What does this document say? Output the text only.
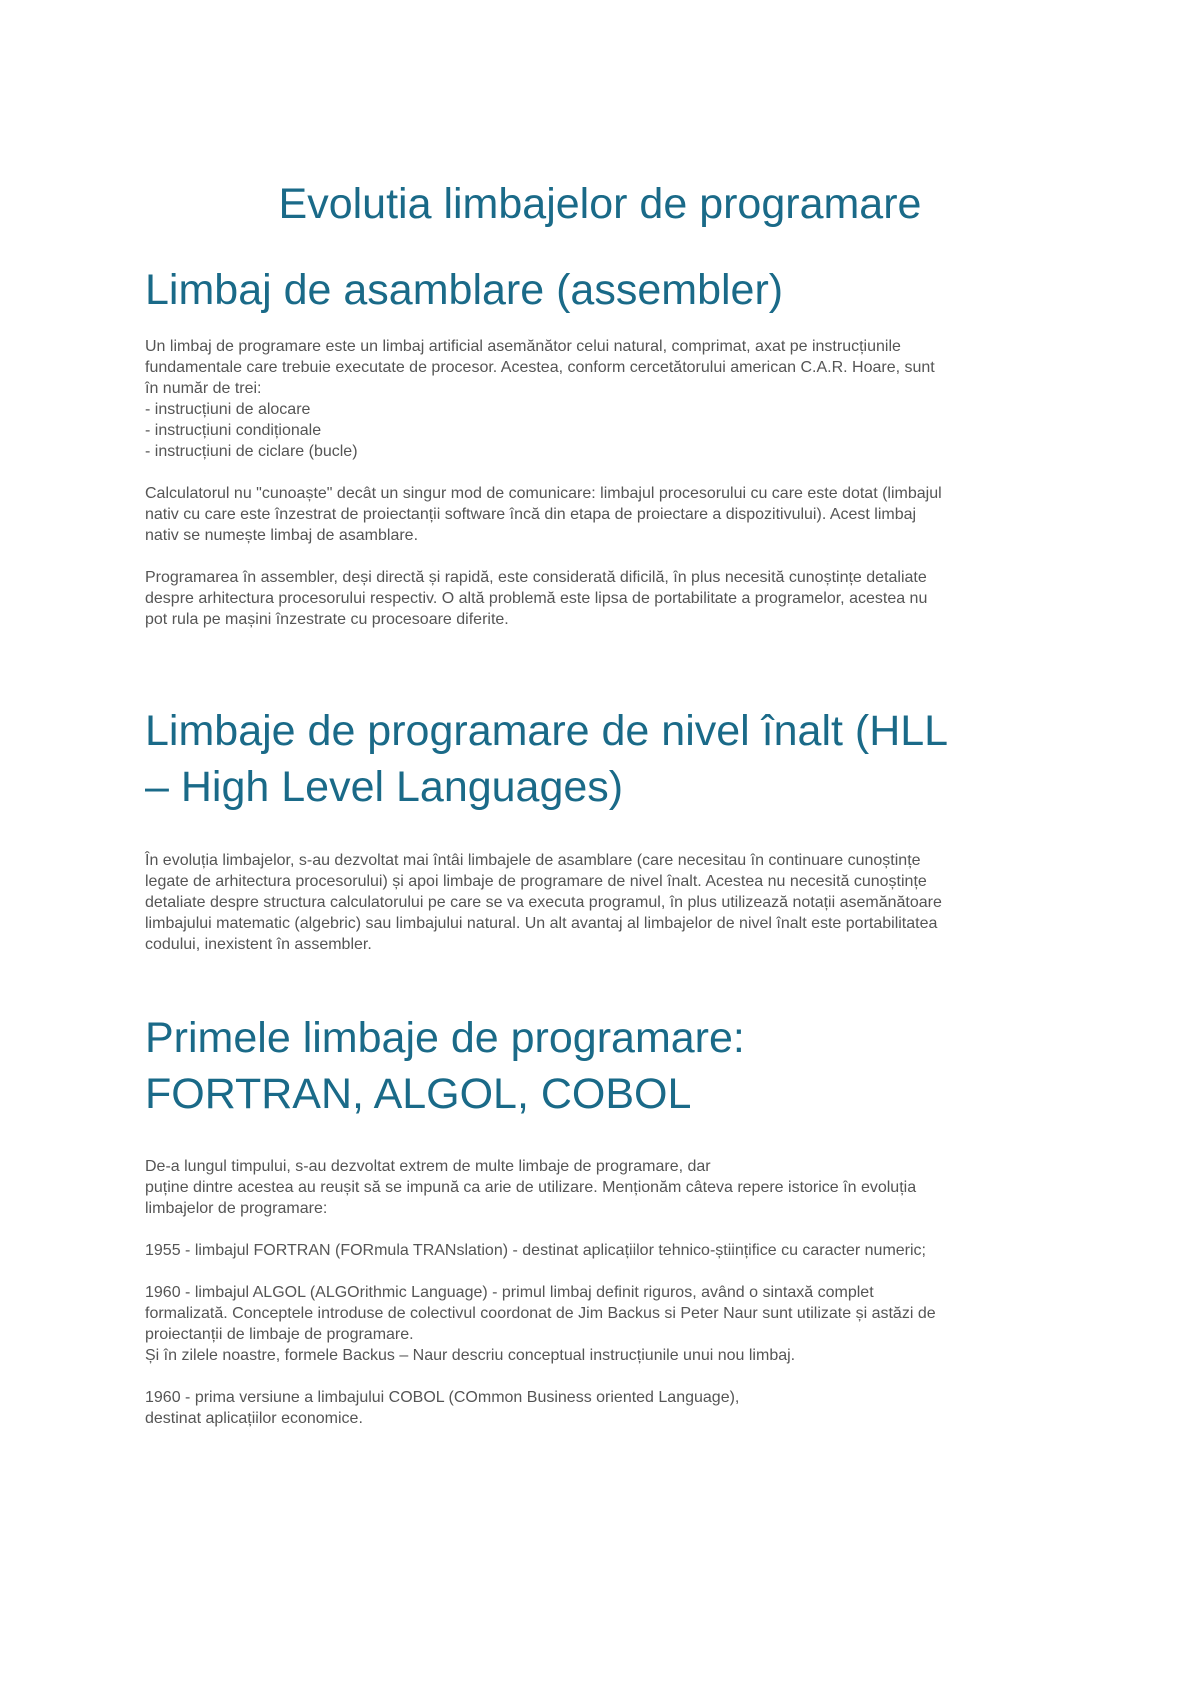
Evolutia limbajelor de programare
Limbaj de asamblare (assembler)

Un limbaj de programare este un limbaj artificial asemănător celui natural, comprimat, axat pe instrucțiunile
fundamentale care trebuie executate de procesor. Acestea, conform cercetătorului american C.A.R. Hoare, sunt
în număr de trei:
- instrucțiuni de alocare
- instrucțiuni condiționale
- instrucțiuni de ciclare (bucle)

Calculatorul nu "cunoaște" decât un singur mod de comunicare: limbajul procesorului cu care este dotat (limbajul
nativ cu care este înzestrat de proiectanții software încă din etapa de proiectare a dispozitivului). Acest limbaj
nativ se numește limbaj de asamblare.

Programarea în assembler, deși directă și rapidă, este considerată dificilă, în plus necesită cunoștințe detaliate
despre arhitectura procesorului respectiv. O altă problemă este lipsa de portabilitate a programelor, acestea nu
pot rula pe mașini înzestrate cu procesoare diferite.

Limbaje de programare de nivel înalt (HLL
– High Level Languages)

În evoluția limbajelor, s-au dezvoltat mai întâi limbajele de asamblare (care necesitau în continuare cunoștințe
legate de arhitectura procesorului) și apoi limbaje de programare de nivel înalt. Acestea nu necesită cunoștințe
detaliate despre structura calculatorului pe care se va executa programul, în plus utilizează notații asemănătoare
limbajului matematic (algebric) sau limbajului natural. Un alt avantaj al limbajelor de nivel înalt este portabilitatea
codului, inexistent în assembler.

Primele limbaje de programare:
FORTRAN, ALGOL, COBOL

De-a lungul timpului, s-au dezvoltat extrem de multe limbaje de programare, dar
puține dintre acestea au reușit să se impună ca arie de utilizare. Menționăm câteva repere istorice în evoluția
limbajelor de programare:

1955 - limbajul FORTRAN (FORmula TRANslation) - destinat aplicațiilor tehnico-științifice cu caracter numeric;

1960 - limbajul ALGOL (ALGOrithmic Language) - primul limbaj definit riguros, având o sintaxă complet
formalizată. Conceptele introduse de colectivul coordonat de Jim Backus si Peter Naur sunt utilizate și astăzi de
proiectanții de limbaje de programare.
Și în zilele noastre, formele Backus – Naur descriu conceptual instrucțiunile unui nou limbaj.

1960 - prima versiune a limbajului COBOL (COmmon Business oriented Language),
destinat aplicațiilor economice.
